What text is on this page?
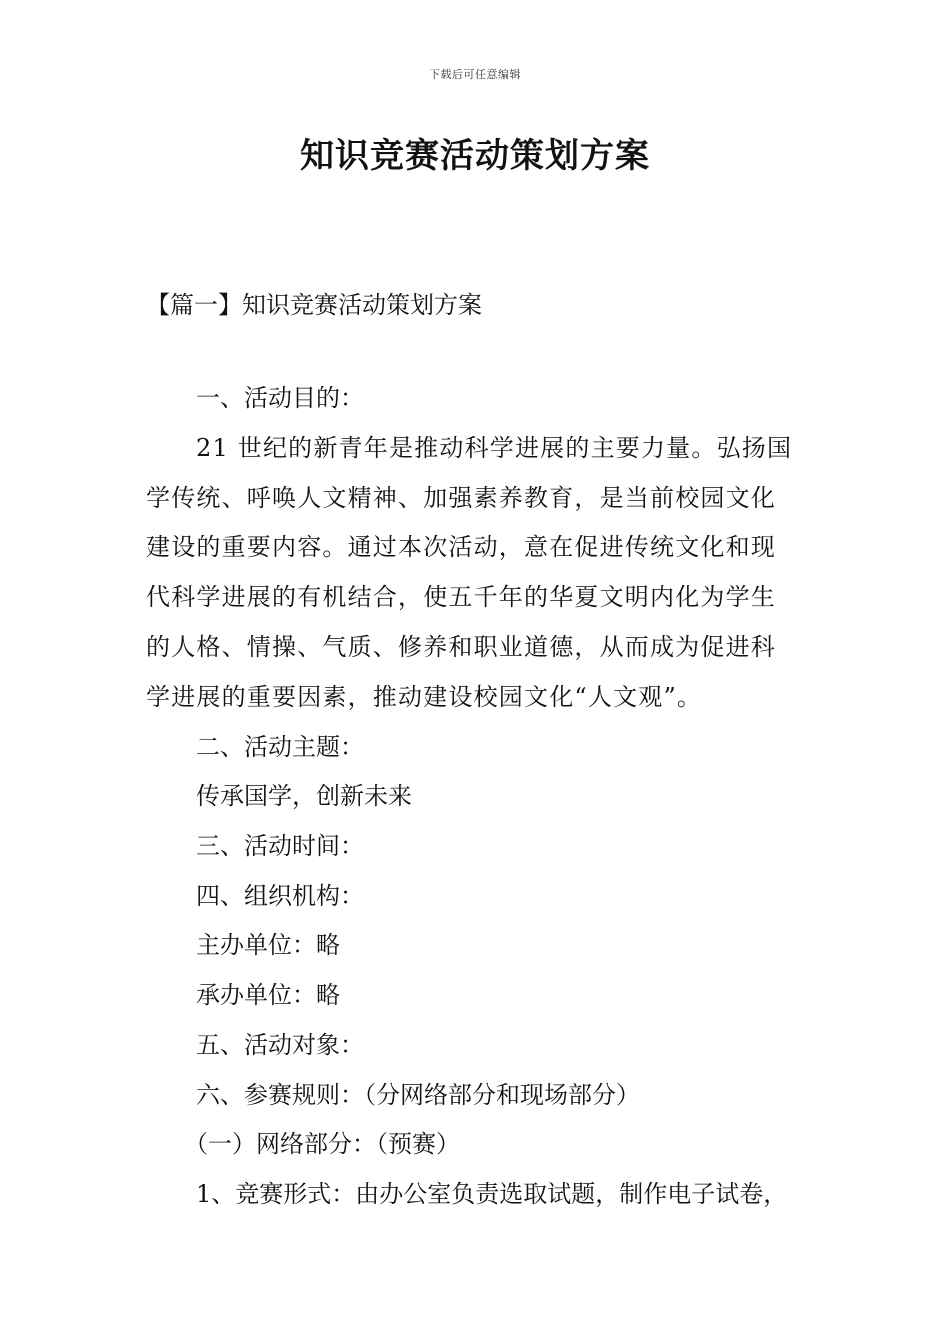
下载后可任意编辑
知识竞赛活动策划方案
【篇一】知识竞赛活动策划方案
一、活动目的：
21 世纪的新青年是推动科学进展的主要力量。弘扬国
学传统、呼唤人文精神、加强素养教育，是当前校园文化
建设的重要内容。通过本次活动，意在促进传统文化和现
代科学进展的有机结合，使五千年的华夏文明内化为学生
的人格、情操、气质、修养和职业道德，从而成为促进科
学进展的重要因素，推动建设校园文化“人文观”。
二、活动主题：
传承国学，创新未来
三、活动时间：
四、组织机构：
主办单位：略
承办单位：略
五、活动对象：
六、参赛规则：（分网络部分和现场部分）
（一）网络部分：（预赛）
1、竞赛形式：由办公室负责选取试题，制作电子试卷，
